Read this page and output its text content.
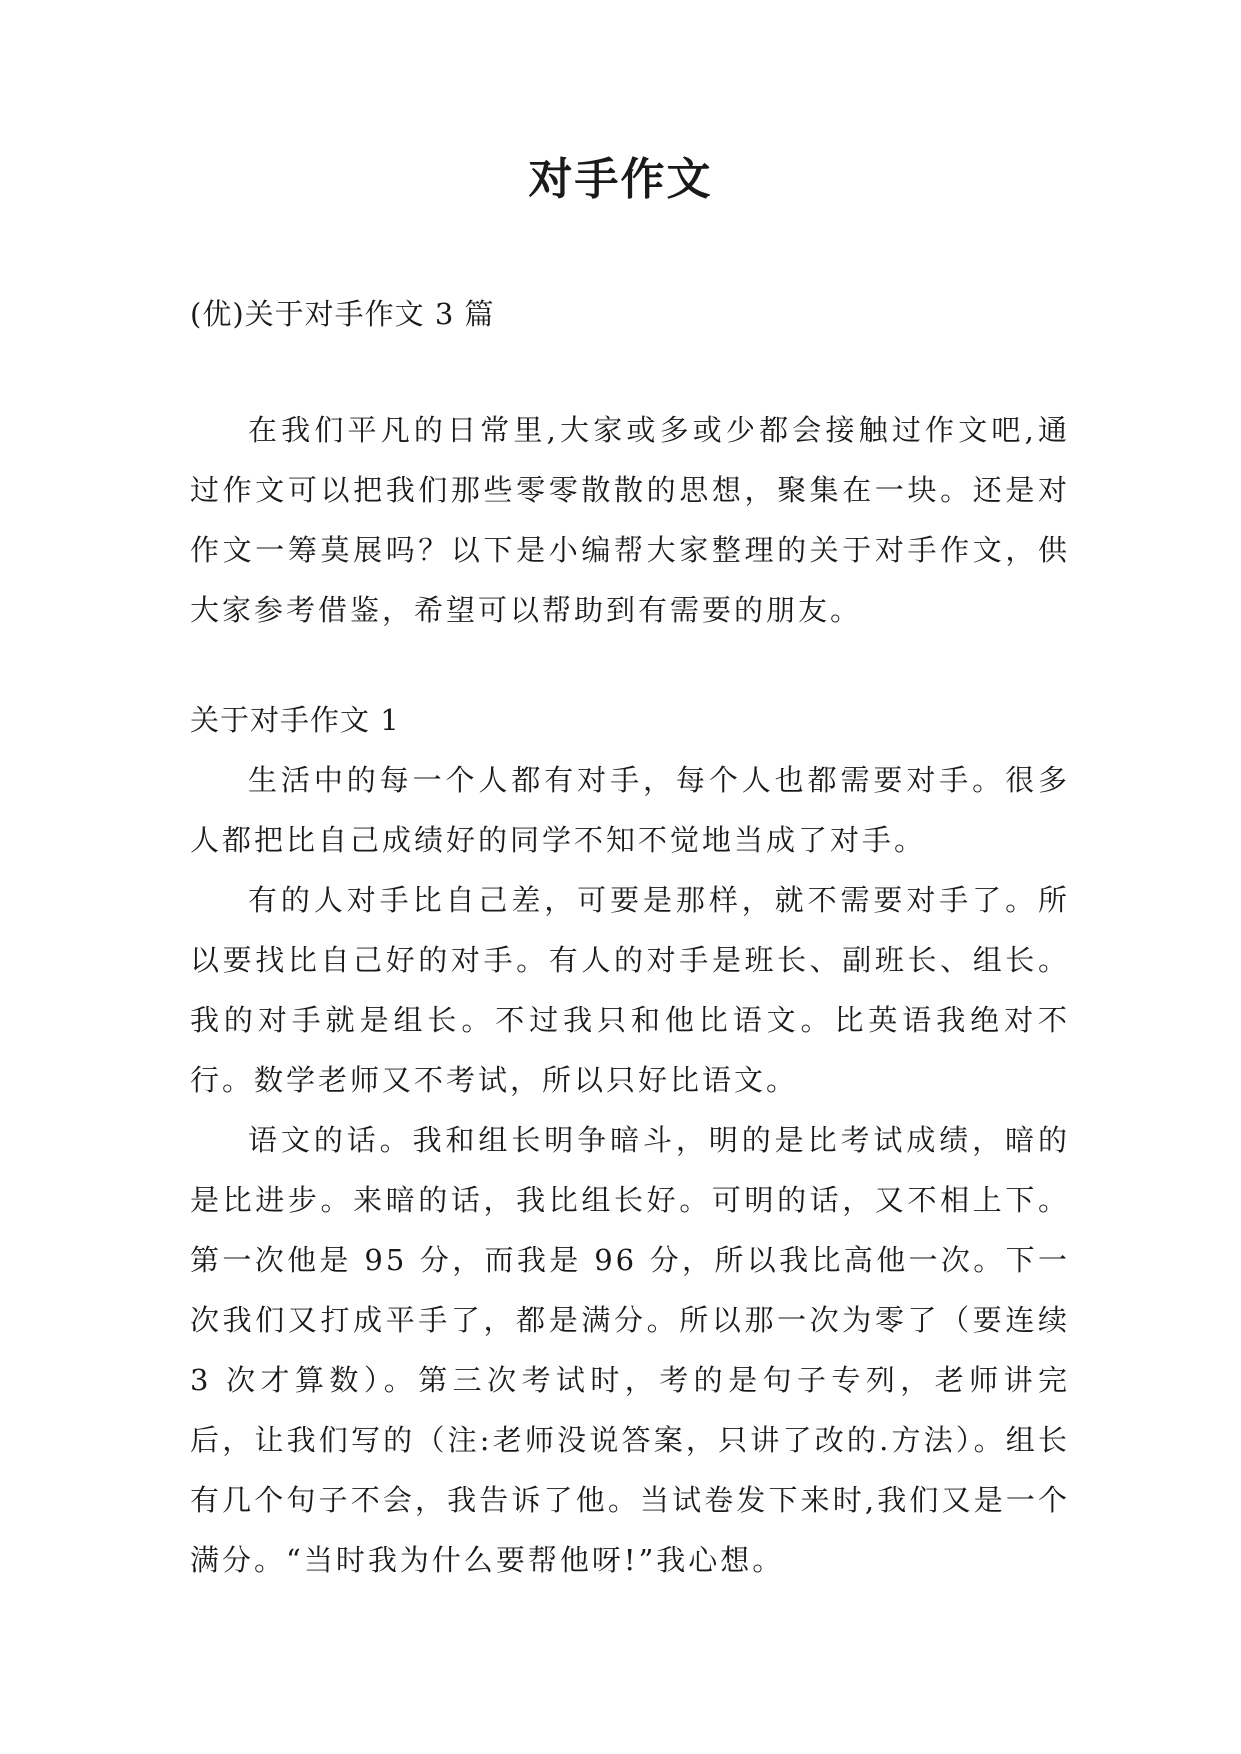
对手作文
(优)关于对手作文 3 篇

在我们平凡的日常里,大家或多或少都会接触过作文吧,通过作文可以把我们那些零零散散的思想，聚集在一块。还是对作文一筹莫展吗？以下是小编帮大家整理的关于对手作文，供大家参考借鉴，希望可以帮助到有需要的朋友。

关于对手作文 1

生活中的每一个人都有对手，每个人也都需要对手。很多人都把比自己成绩好的同学不知不觉地当成了对手。

有的人对手比自己差，可要是那样，就不需要对手了。所以要找比自己好的对手。有人的对手是班长、副班长、组长。我的对手就是组长。不过我只和他比语文。比英语我绝对不行。数学老师又不考试，所以只好比语文。

语文的话。我和组长明争暗斗，明的是比考试成绩，暗的是比进步。来暗的话，我比组长好。可明的话，又不相上下。第一次他是 95 分，而我是 96 分，所以我比高他一次。下一次我们又打成平手了，都是满分。所以那一次为零了（要连续 3 次才算数）。第三次考试时，考的是句子专列，老师讲完后，让我们写的（注:老师没说答案，只讲了改的.方法）。组长有几个句子不会，我告诉了他。当试卷发下来时,我们又是一个满分。“当时我为什么要帮他呀!”我心想。
